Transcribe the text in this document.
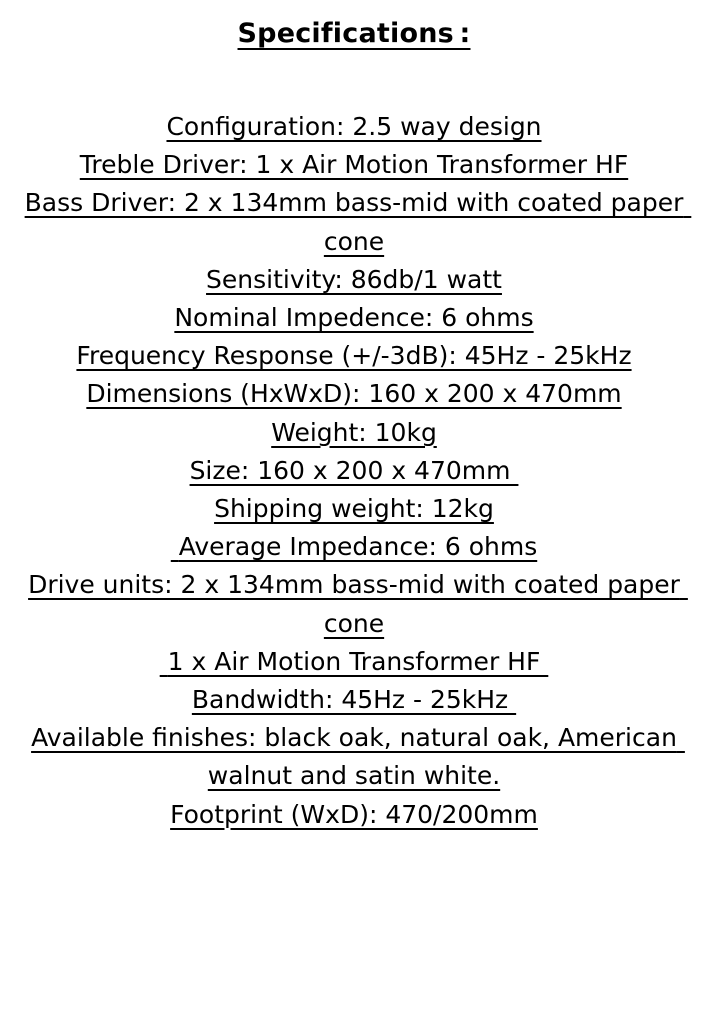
Specifications :
Configuration: 2.5 way design
Treble Driver: 1 x Air Motion Transformer HF
Bass Driver: 2 x 134mm bass-mid with coated paper cone
Sensitivity: 86db/1 watt
Nominal Impedence: 6 ohms
Frequency Response (+/-3dB): 45Hz - 25kHz
Dimensions (HxWxD): 160 x 200 x 470mm
Weight: 10kg
Size: 160 x 200 x 470mm
Shipping weight: 12kg
Average Impedance: 6 ohms
Drive units: 2 x 134mm bass-mid with coated paper cone
1 x Air Motion Transformer HF
Bandwidth: 45Hz - 25kHz
Available finishes: black oak, natural oak, American walnut and satin white.
Footprint (WxD): 470/200mm
